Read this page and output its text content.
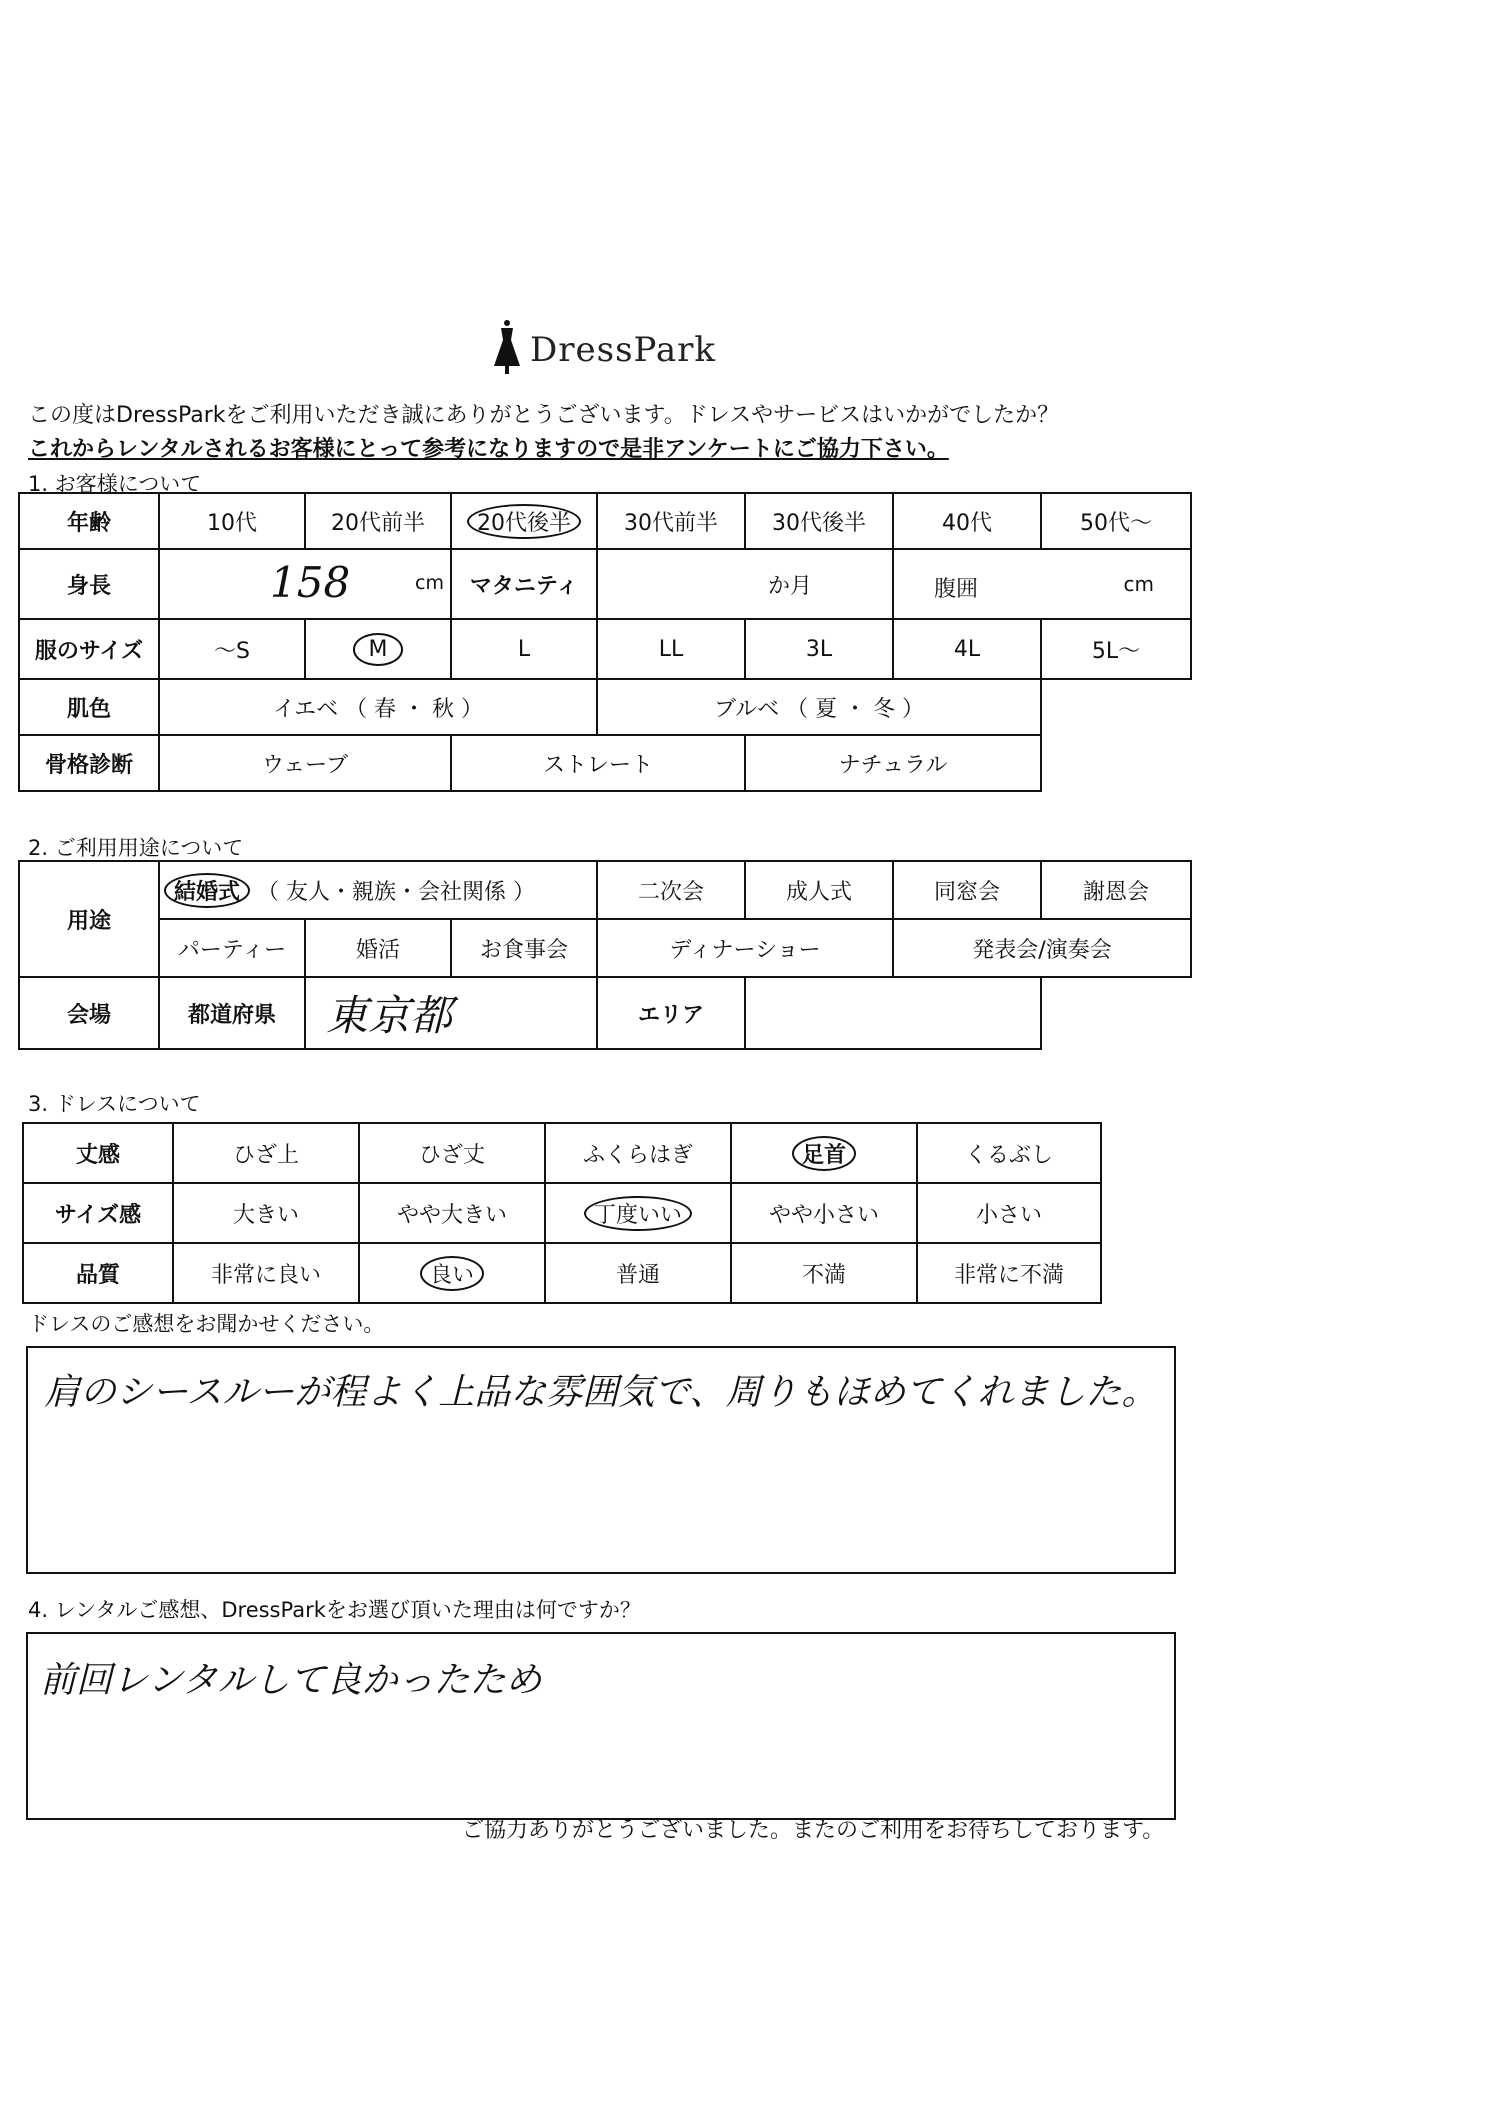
DressPark
この度はDressParkをご利用いただき誠にありがとうございます。ドレスやサービスはいかがでしたか？
これからレンタルされるお客様にとって参考になりますので是非アンケートにご協力下さい。
1. お客様について
年齢	10代	20代前半	20代後半	30代前半	30代後半	40代	50代～
身長	158 cm		マタニティ	か月		腹囲 cm	

服のサイズ	～S	M	L	LL	3L	4L	5L～
肌色	イエベ （ 春 ・ 秋 ）			ブルベ （ 夏 ・ 冬 ）			
骨格診断	ウェーブ		ストレート		ナチュラル		
2. ご利用用途について
用途	結婚式 （ 友人・親族・会社関係 ）			二次会	成人式	同窓会	謝恩会
	パーティー	婚活	お食事会	ディナーショー		発表会/演奏会	
会場	都道府県	東京都		エリア			
3. ドレスについて
丈感	ひざ上	ひざ丈	ふくらはぎ	足首	くるぶし
サイズ感	大きい	やや大きい	丁度いい	やや小さい	小さい
品質	非常に良い	良い	普通	不満	非常に不満
ドレスのご感想をお聞かせください。
肩のシースルーが程よく上品な雰囲気で、周りもほめてくれました。
4. レンタルご感想、DressParkをお選び頂いた理由は何ですか？
前回レンタルして良かったため
ご協力ありがとうございました。またのご利用をお待ちしております。
